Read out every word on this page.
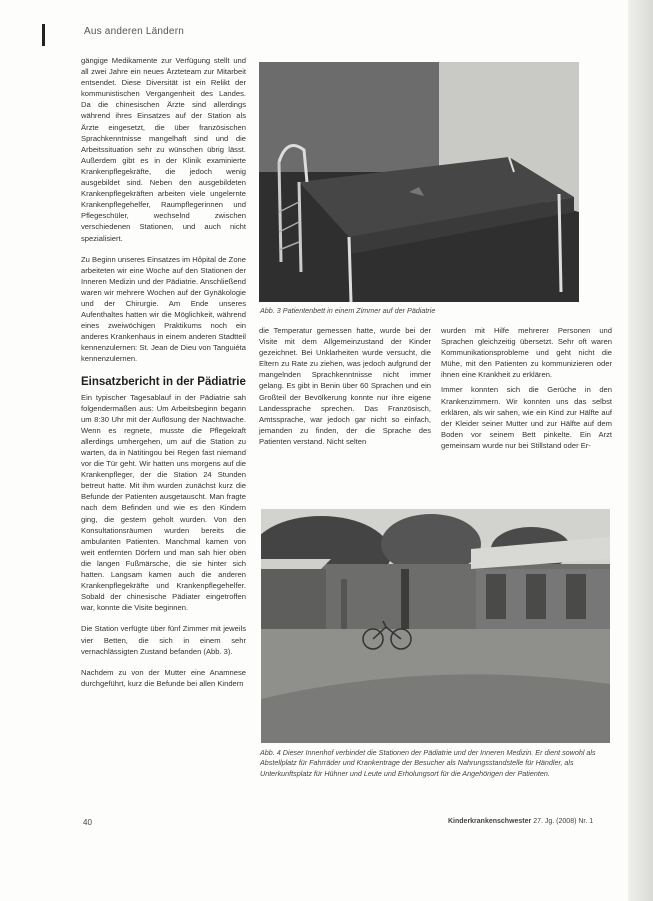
Aus anderen Ländern

gängige Medikamente zur Verfügung stellt und all zwei Jahre ein neues Ärzteteam zur Mitarbeit entsendet. Diese Diversität ist ein Relikt der kommunistischen Vergangenheit des Landes. Da die chinesischen Ärzte sind allerdings während ihres Einsatzes auf der Station als Ärzte eingesetzt, die über französischen Sprachkenntnisse mangelhaft sind und die Arbeitssituation sehr zu wünschen übrig lässt. Außerdem gibt es in der Klinik examinierte Krankenpflegekräfte, die jedoch wenig ausgebildet sind. Neben den ausgebildeten Krankenpflegekräften arbeiten viele ungelernte Krankenpflegehelfer, Raumpflegerinnen und Pflegeschüler, wechselnd zwischen verschiedenen Stationen, und auch nicht spezialisiert.

Zu Beginn unseres Einsatzes im Hôpital de Zone arbeiteten wir eine Woche auf den Stationen der Inneren Medizin und der Pädiatrie. Anschließend waren wir mehrere Wochen auf der Gynäkologie und der Chirurgie. Am Ende unseres Aufenthaltes hatten wir die Möglichkeit, während eines zweiwöchigen Praktikums noch ein anderes Krankenhaus in einem anderen Stadtteil kennenzulernen: St. Jean de Dieu von Tanguiéta kennenzulernen.

Einsatzbericht in der Pädiatrie

Ein typischer Tagesablauf in der Pädiatrie sah folgendermaßen aus: Um Arbeitsbeginn begann um 8:30 Uhr mit der Auflösung der Nachtwache. Wenn es regnete, musste die Pflegekraft allerdings umhergehen, um auf die Station zu warten, da in Natitingou bei Regen fast niemand vor die Tür geht. Wir hatten uns morgens auf die Krankenpfleger, der die Station 24 Stunden betreut hatte. Mit ihm wurden zunächst kurz die Befunde der Patienten ausgetauscht. Man fragte nach dem Befinden und wie es den Kindern ging, die gestern geholt wurden. Von den Konsultationsräumen wurden bereits die ambulanten Patienten. Manchmal kamen von weit entfernten Dörfern und man sah hier oben die langen Fußmärsche, die sie hinter sich hatten. Langsam kamen auch die anderen Krankenpflegekräfte und Krankenpflegehelfer. Sobald der chinesische Pädiater eingetroffen war, konnte die Visite beginnen.

Die Station verfügte über fünf Zimmer mit jeweils vier Betten, die sich in einem sehr vernachlässigten Zustand befanden (Abb. 3).

Nachdem zu von der Mutter eine Anamnese durchgeführt, kurz die Befunde bei allen Kindern

Abb. 3 Patientenbett in einem Zimmer auf der Pädiatrie

die Temperatur gemessen hatte, wurde bei der Visite mit dem Allgemeinzustand der Kinder gezeichnet. Bei Unklarheiten wurde versucht, die Eltern zu Rate zu ziehen, was jedoch aufgrund der mangelnden Sprachkenntnisse nicht immer gelang. Es gibt in Benin über 60 Sprachen und ein Großteil der Bevölkerung konnte nur ihre eigene Landessprache sprechen. Das Französisch, Amtssprache, war jedoch gar nicht so einfach, jemanden zu finden, der die Sprache des Patienten verstand. Nicht selten

wurden mit Hilfe mehrerer Personen und Sprachen gleichzeitig übersetzt. Sehr oft waren Kommunikationsprobleme und geht nicht die Mühe, mit den Patienten zu kommunizieren oder ihnen eine Krankheit zu erklären.

Immer konnten sich die Gerüche in den Krankenzimmern. Wir konnten uns das selbst erklären, als wir sahen, wie ein Kind zur Hälfte auf der Kleider seiner Mutter und zur Hälfte auf dem Boden vor seinem Bett pinkelte. Ein Arzt gemeinsam wurde nur bei Stillstand oder Er-

Abb. 4 Dieser Innenhof verbindet die Stationen der Pädiatrie und der Inneren Medizin. Er dient sowohl als Abstellplatz für Fahrräder und Krankentrage der Besucher als Nahrungsstandstelle für Händler, als Unterkunftsplatz für Hühner und Leute und Erholungsort für die Angehörigen der Patienten.
40	Kinderkrankenschwester 27. Jg. (2008) Nr. 1
